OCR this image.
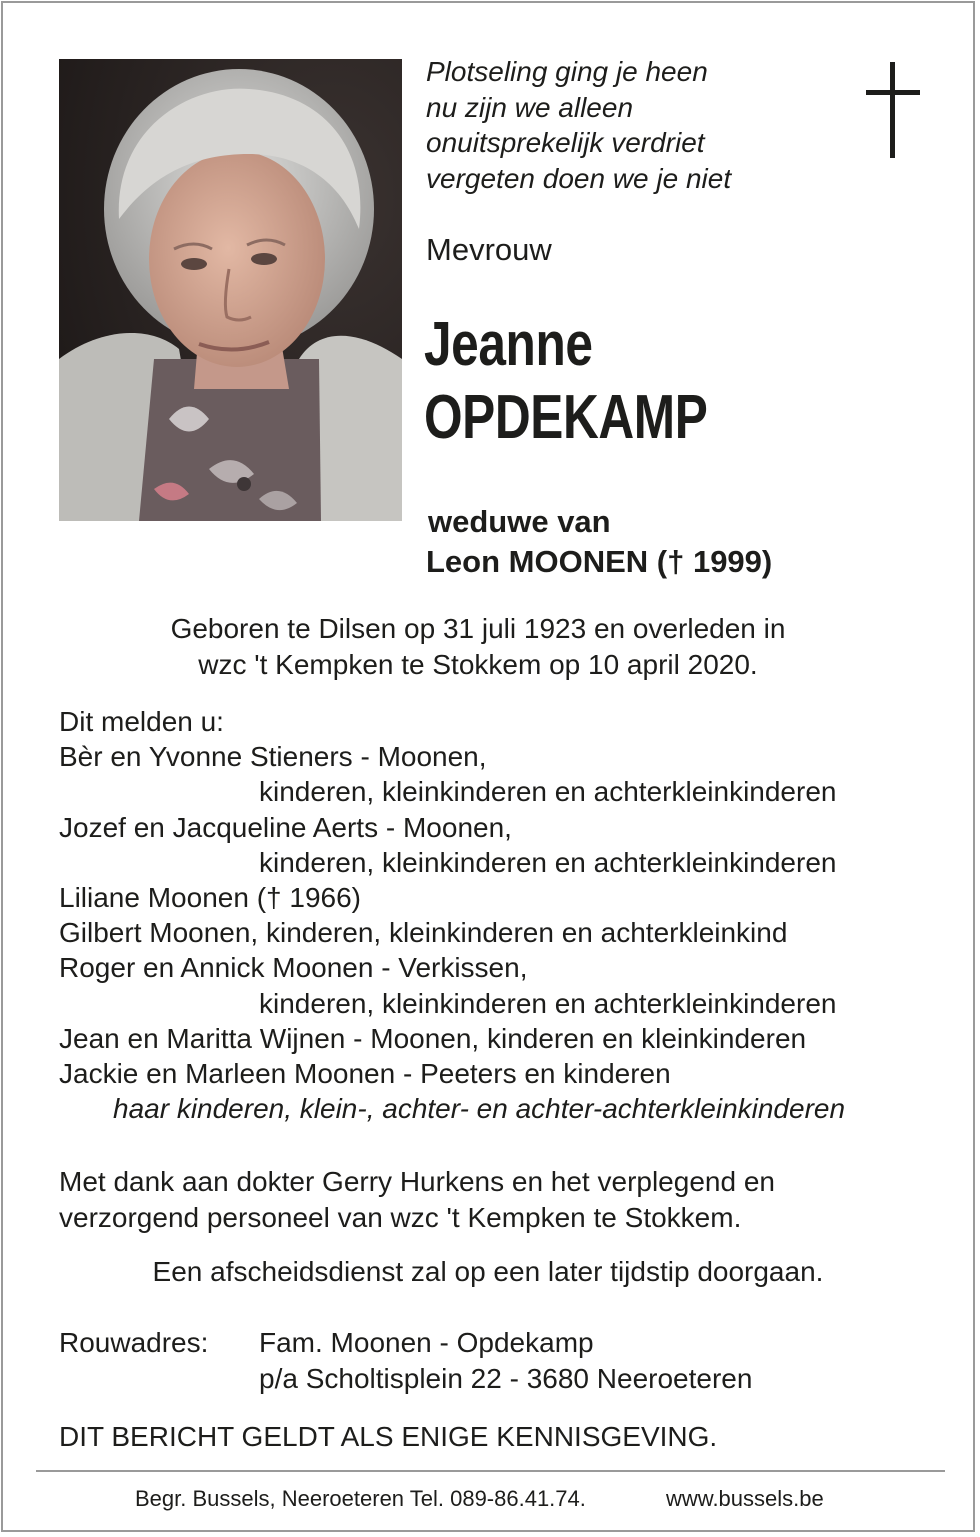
Plotseling ging je heen
nu zijn we alleen
onuitsprekelijk verdriet
vergeten doen we je niet
Mevrouw
Jeanne
OPDEKAMP
weduwe van
Leon MOONEN († 1999)
Geboren te Dilsen op 31 juli 1923 en overleden in
wzc 't Kempken te Stokkem op 10 april 2020.
Dit melden u:
Bèr en Yvonne Stieners - Moonen,
kinderen, kleinkinderen en achterkleinkinderen
Jozef en Jacqueline Aerts - Moonen,
kinderen, kleinkinderen en achterkleinkinderen
Liliane Moonen († 1966)
Gilbert Moonen, kinderen, kleinkinderen en achterkleinkind
Roger en Annick Moonen - Verkissen,
kinderen, kleinkinderen en achterkleinkinderen
Jean en Maritta Wijnen - Moonen, kinderen en kleinkinderen
Jackie en Marleen Moonen - Peeters en kinderen
haar kinderen, klein-, achter- en achter-achterkleinkinderen
Met dank aan dokter Gerry Hurkens en het verplegend en
verzorgend personeel van wzc 't Kempken te Stokkem.
Een afscheidsdienst zal op een later tijdstip doorgaan.
Rouwadres: Fam. Moonen - Opdekamp
p/a Scholtisplein 22 - 3680 Neeroeteren
DIT BERICHT GELDT ALS ENIGE KENNISGEVING.
Begr. Bussels, Neeroeteren Tel. 089-86.41.74.	www.bussels.be
